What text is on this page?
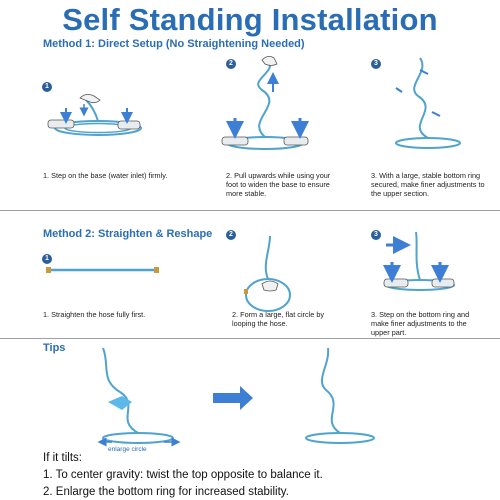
Self Standing Installation
Method 1: Direct Setup (No Straightening Needed)
1
2	3
1. Step on the base (water inlet) firmly.	2. Pull upwards while using your foot to widen the base to ensure more stable.
3. With a large, stable bottom ring secured, make finer adjustments to the upper section.
Method 2: Straighten & Reshape
1
2	3
1. Straighten the hose fully first.	2. Form a large, flat circle by looping the hose.
3. Step on the bottom ring and make finer adjustments to the upper part.
Tips
enlarge circle
If it tilts:
1. To center gravity: twist the top opposite to balance it.
2. Enlarge the bottom ring for increased stability.
